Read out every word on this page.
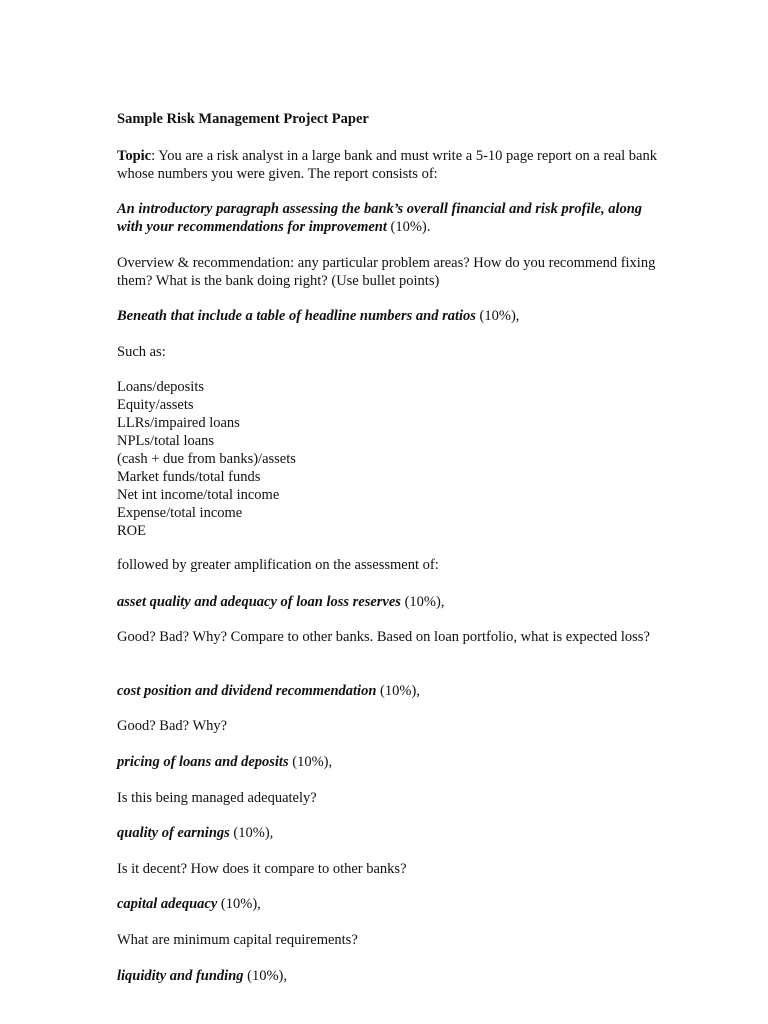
Sample Risk Management Project Paper

Topic: You are a risk analyst in a large bank and must write a 5-10 page report on a real bank whose numbers you were given. The report consists of:

An introductory paragraph assessing the bank’s overall financial and risk profile, along with your recommendations for improvement (10%).

Overview & recommendation: any particular problem areas? How do you recommend fixing them? What is the bank doing right? (Use bullet points)

Beneath that include a table of headline numbers and ratios (10%),

Such as:

Loans/deposits
Equity/assets
LLRs/impaired loans
NPLs/total loans
(cash + due from banks)/assets
Market funds/total funds
Net int income/total income
Expense/total income
ROE

followed by greater amplification on the assessment of:

asset quality and adequacy of loan loss reserves (10%),

Good? Bad? Why? Compare to other banks. Based on loan portfolio, what is expected loss?

cost position and dividend recommendation (10%),

Good? Bad? Why?

pricing of loans and deposits (10%),

Is this being managed adequately?

quality of earnings (10%),

Is it decent? How does it compare to other banks?

capital adequacy (10%),

What are minimum capital requirements?

liquidity and funding (10%),
